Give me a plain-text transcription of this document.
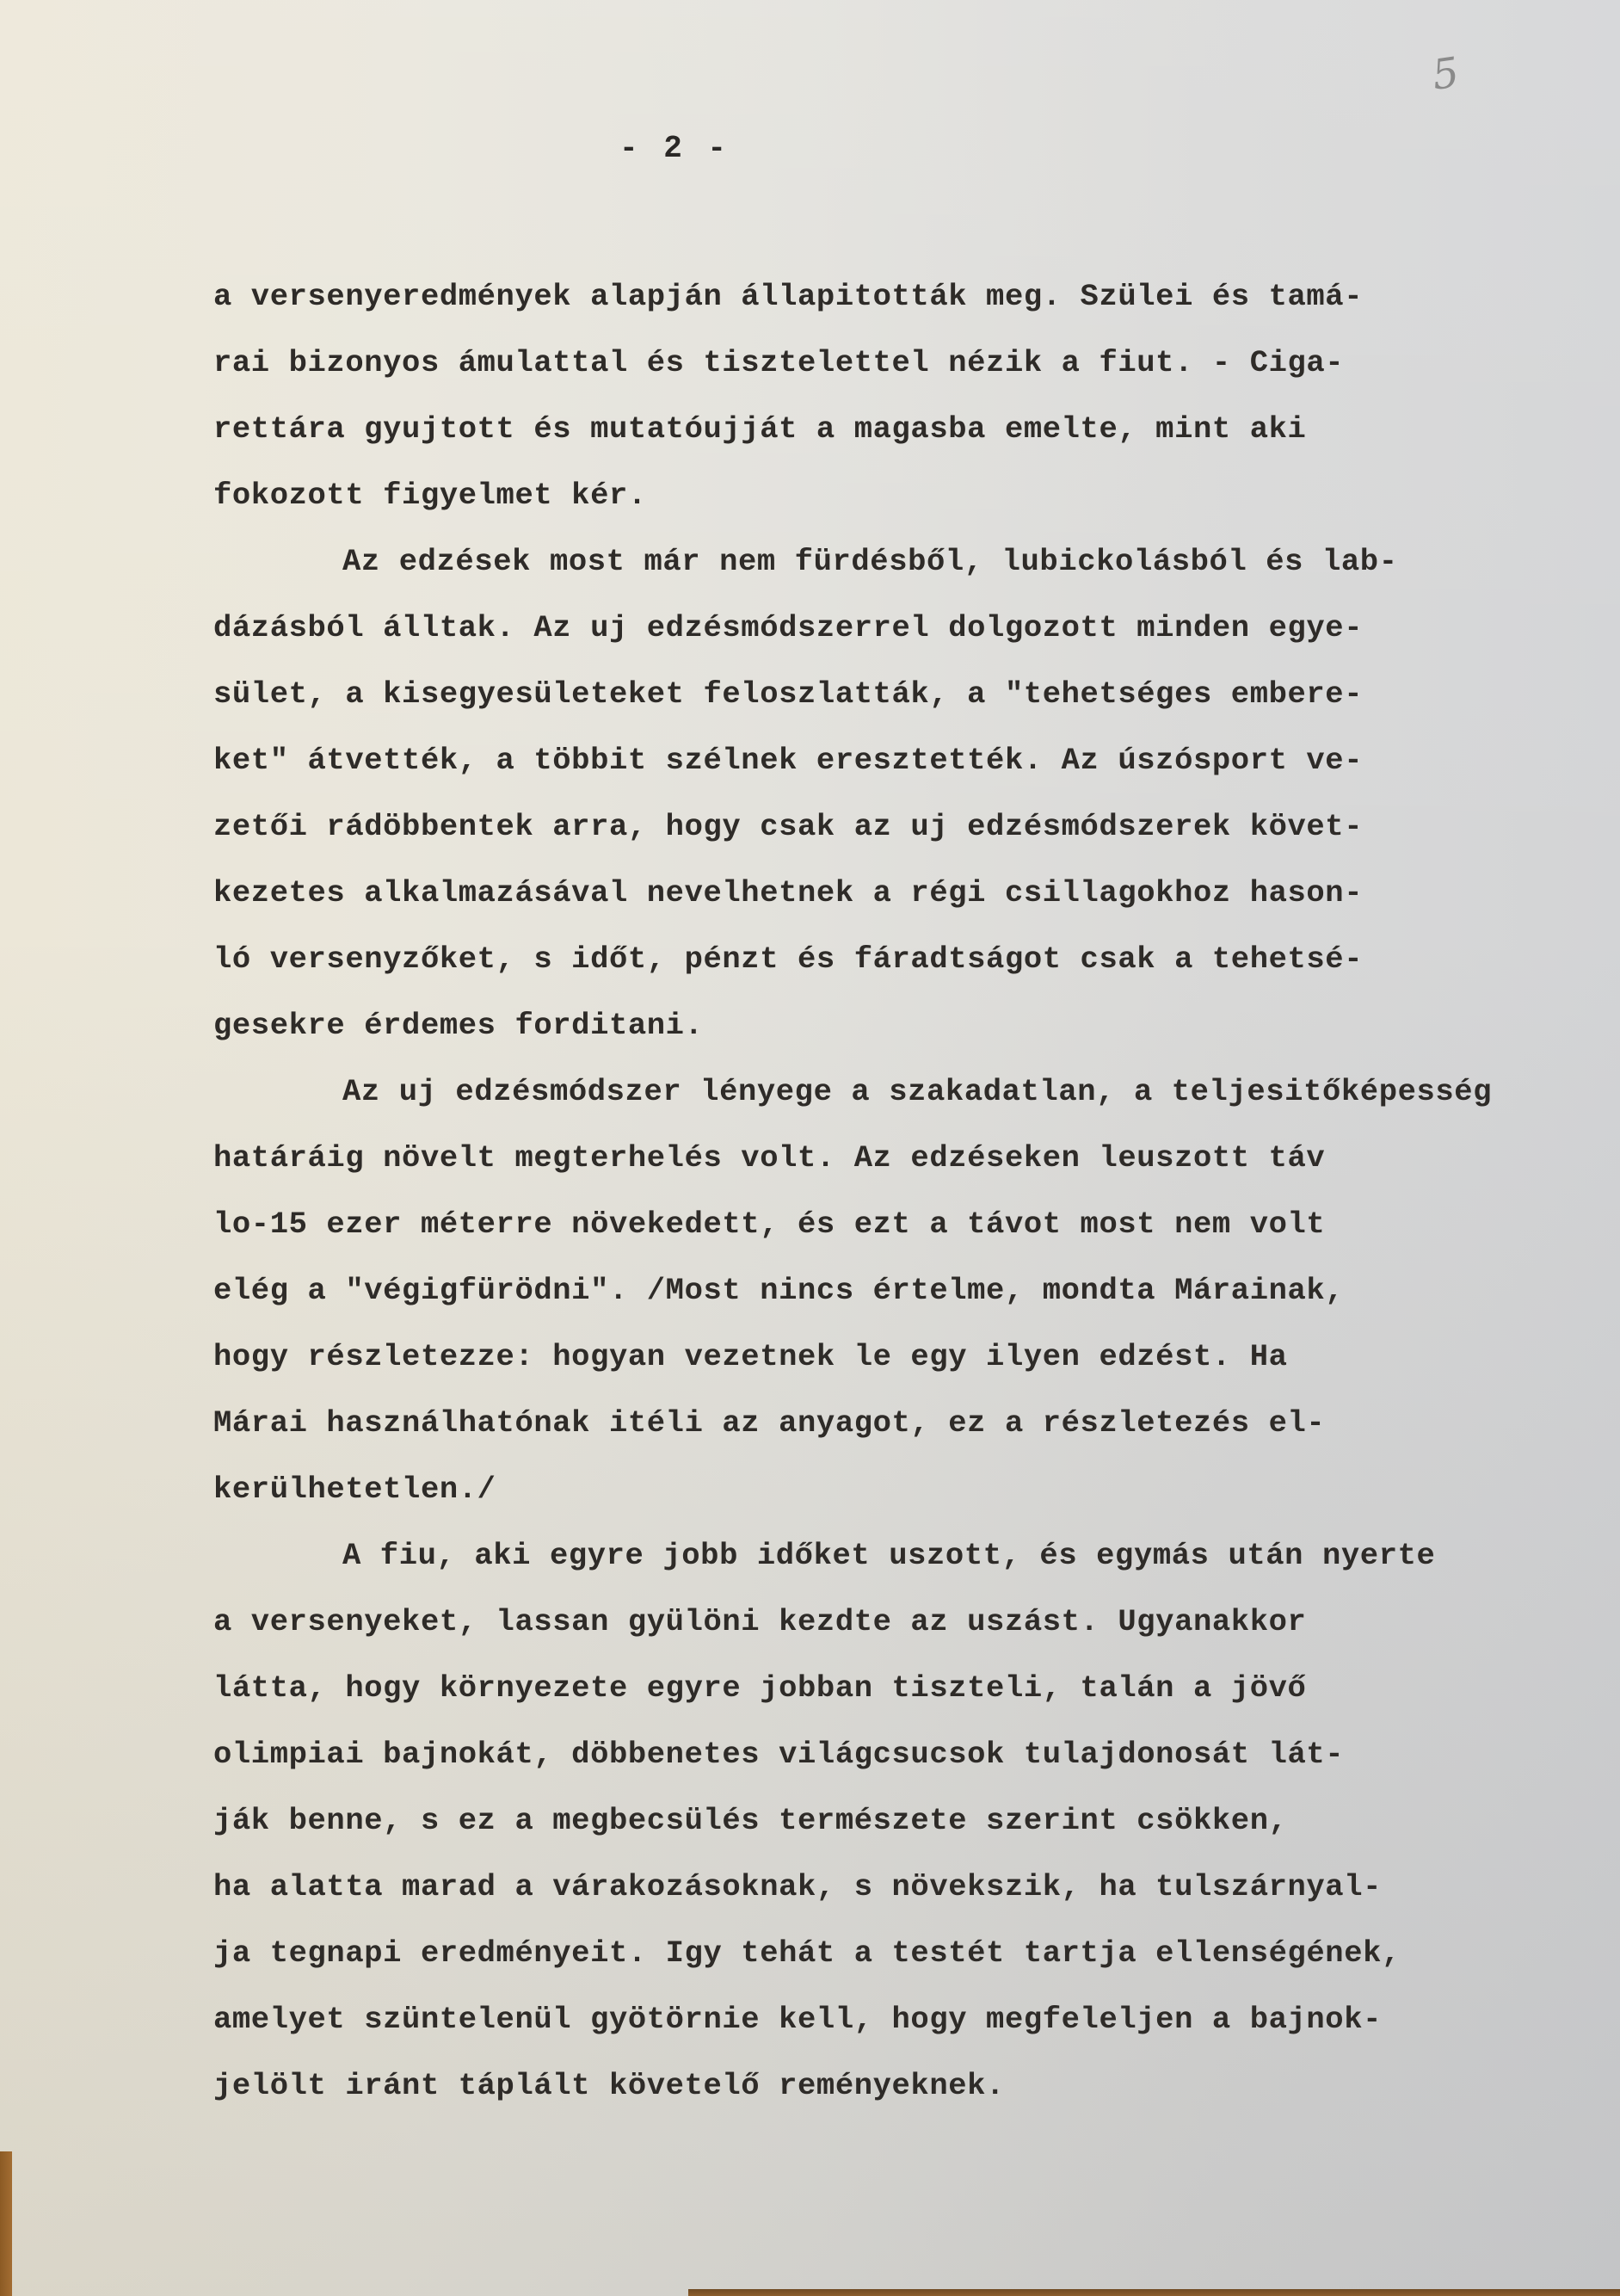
5
- 2 -
a versenyeredmények alapján állapitották meg. Szülei és tamá-
rai bizonyos ámulattal és tisztelettel nézik a fiut. - Ciga-
rettára gyujtott és mutatóujját a magasba emelte, mint aki
fokozott figyelmet kér.
Az edzések most már nem fürdésből, lubickolásból és lab-
dázásból álltak. Az uj edzésmódszerrel dolgozott minden egye-
sület, a kisegyesületeket feloszlatták, a "tehetséges embere-
ket" átvették, a többit szélnek eresztették. Az úszósport ve-
zetői rádöbbentek arra, hogy csak az uj edzésmódszerek követ-
kezetes alkalmazásával nevelhetnek a régi csillagokhoz hason-
ló versenyzőket, s időt, pénzt és fáradtságot csak a tehetsé-
gesekre érdemes forditani.
Az uj edzésmódszer lényege a szakadatlan, a teljesitőképesség
határáig növelt megterhelés volt. Az edzéseken leuszott táv
lo-15 ezer méterre növekedett, és ezt a távot most nem volt
elég a "végigfürödni". /Most nincs értelme, mondta Márainak,
hogy részletezze: hogyan vezetnek le egy ilyen edzést. Ha
Márai használhatónak itéli az anyagot, ez a részletezés el-
kerülhetetlen./
A fiu, aki egyre jobb időket uszott, és egymás után nyerte
a versenyeket, lassan gyülöni kezdte az uszást. Ugyanakkor
látta, hogy környezete egyre jobban tiszteli, talán a jövő
olimpiai bajnokát, döbbenetes világcsucsok tulajdonosát lát-
ják benne, s ez a megbecsülés természete szerint csökken,
ha alatta marad a várakozásoknak, s növekszik, ha tulszárnyal-
ja tegnapi eredményeit. Igy tehát a testét tartja ellenségének,
amelyet szüntelenül gyötörnie kell, hogy megfeleljen a bajnok-
jelölt iránt táplált követelő reményeknek.
